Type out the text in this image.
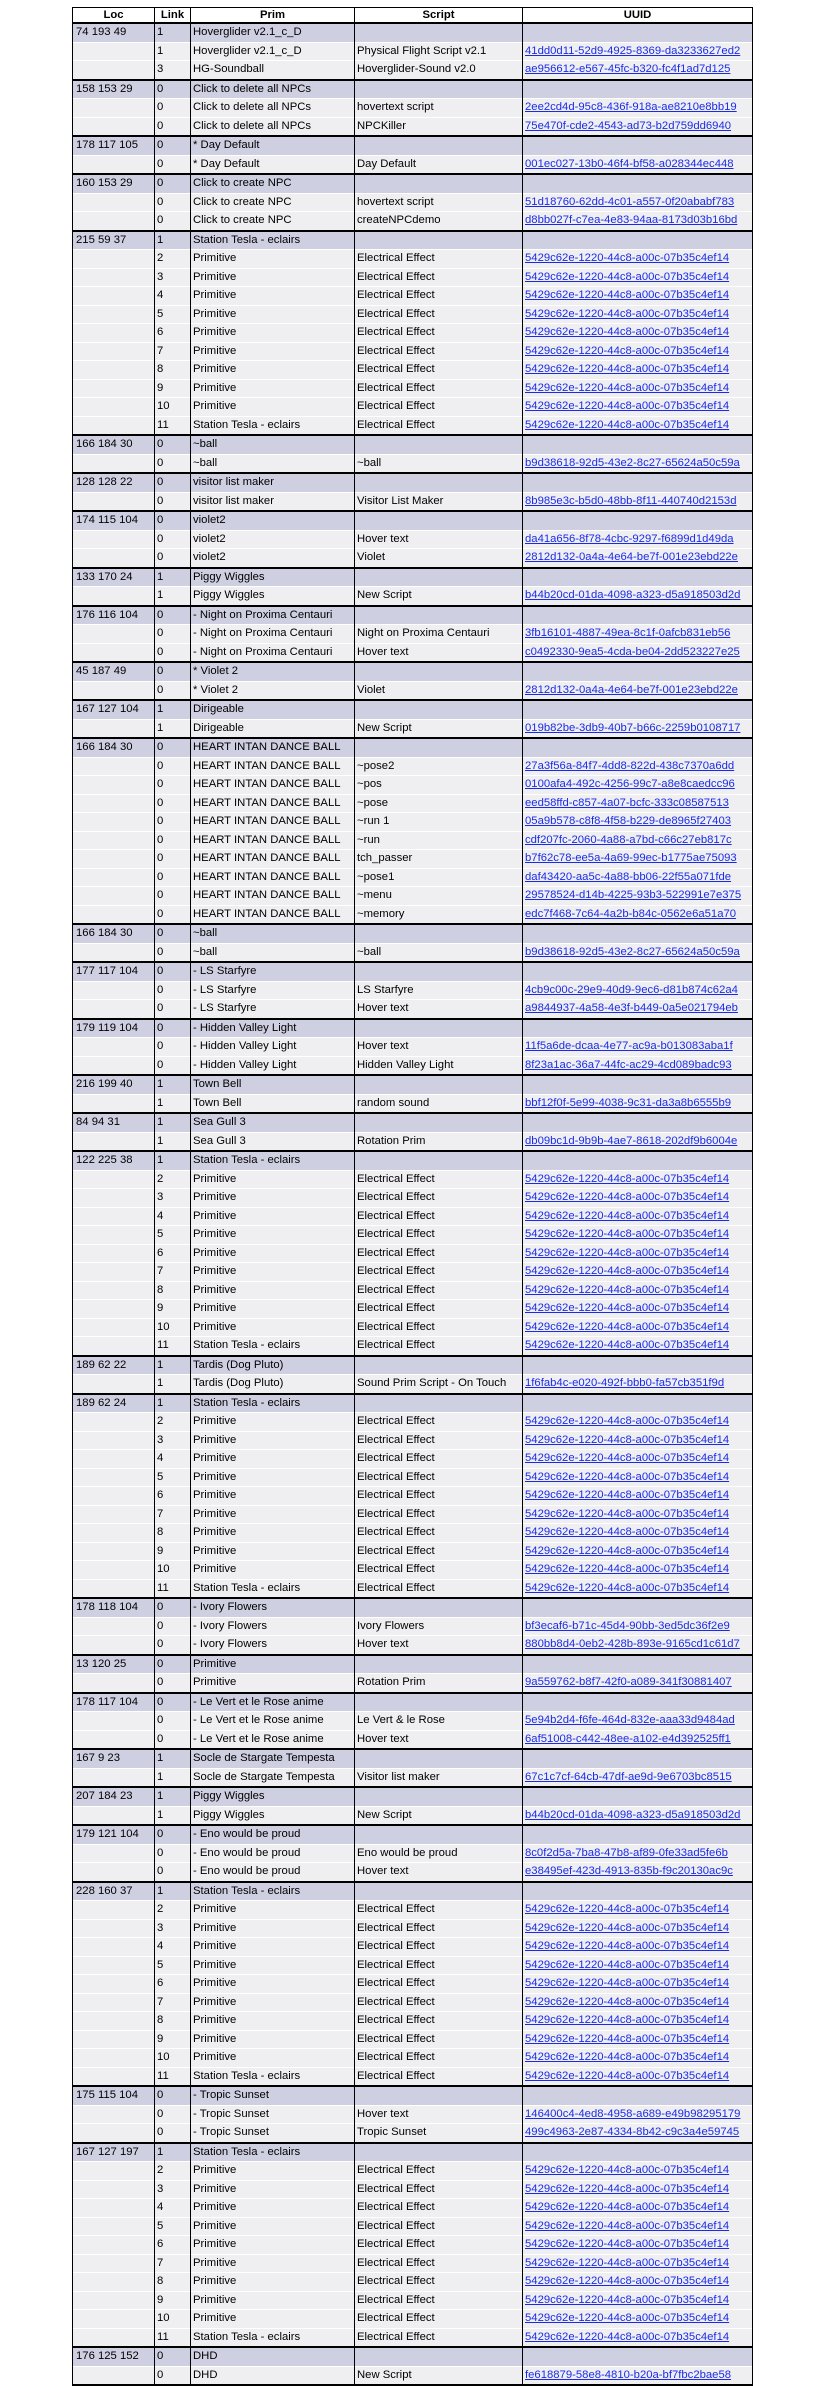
Loc	Link	Prim	Script	UUID
74 193 49	1	Hoverglider v2.1_c_D		
	1	Hoverglider v2.1_c_D	Physical Flight Script v2.1	41dd0d11-52d9-4925-8369-da3233627ed2
	3	HG-Soundball	Hoverglider-Sound v2.0	ae956612-e567-45fc-b320-fc4f1ad7d125
158 153 29	0	Click to delete all NPCs		
	0	Click to delete all NPCs	hovertext script	2ee2cd4d-95c8-436f-918a-ae8210e8bb19
	0	Click to delete all NPCs	NPCKiller	75e470f-cde2-4543-ad73-b2d759dd6940
178 117 105	0	* Day Default		
	0	* Day Default	Day Default	001ec027-13b0-46f4-bf58-a028344ec448
160 153 29	0	Click to create NPC		
	0	Click to create NPC	hovertext script	51d18760-62dd-4c01-a557-0f20ababf783
	0	Click to create NPC	createNPCdemo	d8bb027f-c7ea-4e83-94aa-8173d03b16bd
215 59 37	1	Station Tesla - eclairs		
	2	Primitive	Electrical Effect	5429c62e-1220-44c8-a00c-07b35c4ef14
	3	Primitive	Electrical Effect	5429c62e-1220-44c8-a00c-07b35c4ef14
	4	Primitive	Electrical Effect	5429c62e-1220-44c8-a00c-07b35c4ef14
	5	Primitive	Electrical Effect	5429c62e-1220-44c8-a00c-07b35c4ef14
	6	Primitive	Electrical Effect	5429c62e-1220-44c8-a00c-07b35c4ef14
	7	Primitive	Electrical Effect	5429c62e-1220-44c8-a00c-07b35c4ef14
	8	Primitive	Electrical Effect	5429c62e-1220-44c8-a00c-07b35c4ef14
	9	Primitive	Electrical Effect	5429c62e-1220-44c8-a00c-07b35c4ef14
	10	Primitive	Electrical Effect	5429c62e-1220-44c8-a00c-07b35c4ef14
	11	Station Tesla - eclairs	Electrical Effect	5429c62e-1220-44c8-a00c-07b35c4ef14
166 184 30	0	~ball		
	0	~ball	~ball	b9d38618-92d5-43e2-8c27-65624a50c59a
128 128 22	0	visitor list maker		
	0	visitor list maker	Visitor List Maker	8b985e3c-b5d0-48bb-8f11-440740d2153d
174 115 104	0	violet2		
	0	violet2	Hover text	da41a656-8f78-4cbc-9297-f6899d1d49da
	0	violet2	Violet	2812d132-0a4a-4e64-be7f-001e23ebd22e
133 170 24	1	Piggy Wiggles		
	1	Piggy Wiggles	New Script	b44b20cd-01da-4098-a323-d5a918503d2d
176 116 104	0	- Night on Proxima Centauri		
	0	- Night on Proxima Centauri	Night on Proxima Centauri	3fb16101-4887-49ea-8c1f-0afcb831eb56
	0	- Night on Proxima Centauri	Hover text	c0492330-9ea5-4cda-be04-2dd523227e25
45 187 49	0	* Violet 2		
	0	* Violet 2	Violet	2812d132-0a4a-4e64-be7f-001e23ebd22e
167 127 104	1	Dirigeable		
	1	Dirigeable	New Script	019b82be-3db9-40b7-b66c-2259b0108717
166 184 30	0	HEART INTAN DANCE BALL		
	0	HEART INTAN DANCE BALL	~pose2	27a3f56a-84f7-4dd8-822d-438c7370a6dd
	0	HEART INTAN DANCE BALL	~pos	0100afa4-492c-4256-99c7-a8e8caedcc96
	0	HEART INTAN DANCE BALL	~pose	eed58ffd-c857-4a07-bcfc-333c08587513
	0	HEART INTAN DANCE BALL	~run 1	05a9b578-c8f8-4f58-b229-de8965f27403
	0	HEART INTAN DANCE BALL	~run	cdf207fc-2060-4a88-a7bd-c66c27eb817c
	0	HEART INTAN DANCE BALL	tch_passer	b7f62c78-ee5a-4a69-99ec-b1775ae75093
	0	HEART INTAN DANCE BALL	~pose1	daf43420-aa5c-4a88-bb06-22f55a071fde
	0	HEART INTAN DANCE BALL	~menu	29578524-d14b-4225-93b3-522991e7e375
	0	HEART INTAN DANCE BALL	~memory	edc7f468-7c64-4a2b-b84c-0562e6a51a70
166 184 30	0	~ball		
	0	~ball	~ball	b9d38618-92d5-43e2-8c27-65624a50c59a
177 117 104	0	- LS Starfyre		
	0	- LS Starfyre	LS Starfyre	4cb9c00c-29e9-40d9-9ec6-d81b874c62a4
	0	- LS Starfyre	Hover text	a9844937-4a58-4e3f-b449-0a5e021794eb
179 119 104	0	- Hidden Valley Light		
	0	- Hidden Valley Light	Hover text	11f5a6de-dcaa-4e77-ac9a-b013083aba1f
	0	- Hidden Valley Light	Hidden Valley Light	8f23a1ac-36a7-44fc-ac29-4cd089badc93
216 199 40	1	Town Bell		
	1	Town Bell	random sound	bbf12f0f-5e99-4038-9c31-da3a8b6555b9
84 94 31	1	Sea Gull 3		
	1	Sea Gull 3	Rotation Prim	db09bc1d-9b9b-4ae7-8618-202df9b6004e
122 225 38	1	Station Tesla - eclairs		
	2	Primitive	Electrical Effect	5429c62e-1220-44c8-a00c-07b35c4ef14
	3	Primitive	Electrical Effect	5429c62e-1220-44c8-a00c-07b35c4ef14
	4	Primitive	Electrical Effect	5429c62e-1220-44c8-a00c-07b35c4ef14
	5	Primitive	Electrical Effect	5429c62e-1220-44c8-a00c-07b35c4ef14
	6	Primitive	Electrical Effect	5429c62e-1220-44c8-a00c-07b35c4ef14
	7	Primitive	Electrical Effect	5429c62e-1220-44c8-a00c-07b35c4ef14
	8	Primitive	Electrical Effect	5429c62e-1220-44c8-a00c-07b35c4ef14
	9	Primitive	Electrical Effect	5429c62e-1220-44c8-a00c-07b35c4ef14
	10	Primitive	Electrical Effect	5429c62e-1220-44c8-a00c-07b35c4ef14
	11	Station Tesla - eclairs	Electrical Effect	5429c62e-1220-44c8-a00c-07b35c4ef14
189 62 22	1	Tardis (Dog Pluto)		
	1	Tardis (Dog Pluto)	Sound Prim Script - On Touch	1f6fab4c-e020-492f-bbb0-fa57cb351f9d
189 62 24	1	Station Tesla - eclairs		
	2	Primitive	Electrical Effect	5429c62e-1220-44c8-a00c-07b35c4ef14
	3	Primitive	Electrical Effect	5429c62e-1220-44c8-a00c-07b35c4ef14
	4	Primitive	Electrical Effect	5429c62e-1220-44c8-a00c-07b35c4ef14
	5	Primitive	Electrical Effect	5429c62e-1220-44c8-a00c-07b35c4ef14
	6	Primitive	Electrical Effect	5429c62e-1220-44c8-a00c-07b35c4ef14
	7	Primitive	Electrical Effect	5429c62e-1220-44c8-a00c-07b35c4ef14
	8	Primitive	Electrical Effect	5429c62e-1220-44c8-a00c-07b35c4ef14
	9	Primitive	Electrical Effect	5429c62e-1220-44c8-a00c-07b35c4ef14
	10	Primitive	Electrical Effect	5429c62e-1220-44c8-a00c-07b35c4ef14
	11	Station Tesla - eclairs	Electrical Effect	5429c62e-1220-44c8-a00c-07b35c4ef14
178 118 104	0	- Ivory Flowers		
	0	- Ivory Flowers	Ivory Flowers	bf3ecaf6-b71c-45d4-90bb-3ed5dc36f2e9
	0	- Ivory Flowers	Hover text	880bb8d4-0eb2-428b-893e-9165cd1c61d7
13 120 25	0	Primitive		
	0	Primitive	Rotation Prim	9a559762-b8f7-42f0-a089-341f30881407
178 117 104	0	- Le Vert et le Rose anime		
	0	- Le Vert et le Rose anime	Le Vert & le Rose	5e94b2d4-f6fe-464d-832e-aaa33d9484ad
	0	- Le Vert et le Rose anime	Hover text	6af51008-c442-48ee-a102-e4d392525ff1
167 9 23	1	Socle de Stargate Tempesta		
	1	Socle de Stargate Tempesta	Visitor list maker	67c1c7cf-64cb-47df-ae9d-9e6703bc8515
207 184 23	1	Piggy Wiggles		
	1	Piggy Wiggles	New Script	b44b20cd-01da-4098-a323-d5a918503d2d
179 121 104	0	- Eno would be proud		
	0	- Eno would be proud	Eno would be proud	8c0f2d5a-7ba8-47b8-af89-0fe33ad5fe6b
	0	- Eno would be proud	Hover text	e38495ef-423d-4913-835b-f9c20130ac9c
228 160 37	1	Station Tesla - eclairs		
	2	Primitive	Electrical Effect	5429c62e-1220-44c8-a00c-07b35c4ef14
	3	Primitive	Electrical Effect	5429c62e-1220-44c8-a00c-07b35c4ef14
	4	Primitive	Electrical Effect	5429c62e-1220-44c8-a00c-07b35c4ef14
	5	Primitive	Electrical Effect	5429c62e-1220-44c8-a00c-07b35c4ef14
	6	Primitive	Electrical Effect	5429c62e-1220-44c8-a00c-07b35c4ef14
	7	Primitive	Electrical Effect	5429c62e-1220-44c8-a00c-07b35c4ef14
	8	Primitive	Electrical Effect	5429c62e-1220-44c8-a00c-07b35c4ef14
	9	Primitive	Electrical Effect	5429c62e-1220-44c8-a00c-07b35c4ef14
	10	Primitive	Electrical Effect	5429c62e-1220-44c8-a00c-07b35c4ef14
	11	Station Tesla - eclairs	Electrical Effect	5429c62e-1220-44c8-a00c-07b35c4ef14
175 115 104	0	- Tropic Sunset		
	0	- Tropic Sunset	Hover text	146400c4-4ed8-4958-a689-e49b98295179
	0	- Tropic Sunset	Tropic Sunset	499c4963-2e87-4334-8b42-c9c3a4e59745
167 127 197	1	Station Tesla - eclairs		
	2	Primitive	Electrical Effect	5429c62e-1220-44c8-a00c-07b35c4ef14
	3	Primitive	Electrical Effect	5429c62e-1220-44c8-a00c-07b35c4ef14
	4	Primitive	Electrical Effect	5429c62e-1220-44c8-a00c-07b35c4ef14
	5	Primitive	Electrical Effect	5429c62e-1220-44c8-a00c-07b35c4ef14
	6	Primitive	Electrical Effect	5429c62e-1220-44c8-a00c-07b35c4ef14
	7	Primitive	Electrical Effect	5429c62e-1220-44c8-a00c-07b35c4ef14
	8	Primitive	Electrical Effect	5429c62e-1220-44c8-a00c-07b35c4ef14
	9	Primitive	Electrical Effect	5429c62e-1220-44c8-a00c-07b35c4ef14
	10	Primitive	Electrical Effect	5429c62e-1220-44c8-a00c-07b35c4ef14
	11	Station Tesla - eclairs	Electrical Effect	5429c62e-1220-44c8-a00c-07b35c4ef14
176 125 152	0	DHD		
	0	DHD	New Script	fe618879-58e8-4810-b20a-bf7fbc2bae58
